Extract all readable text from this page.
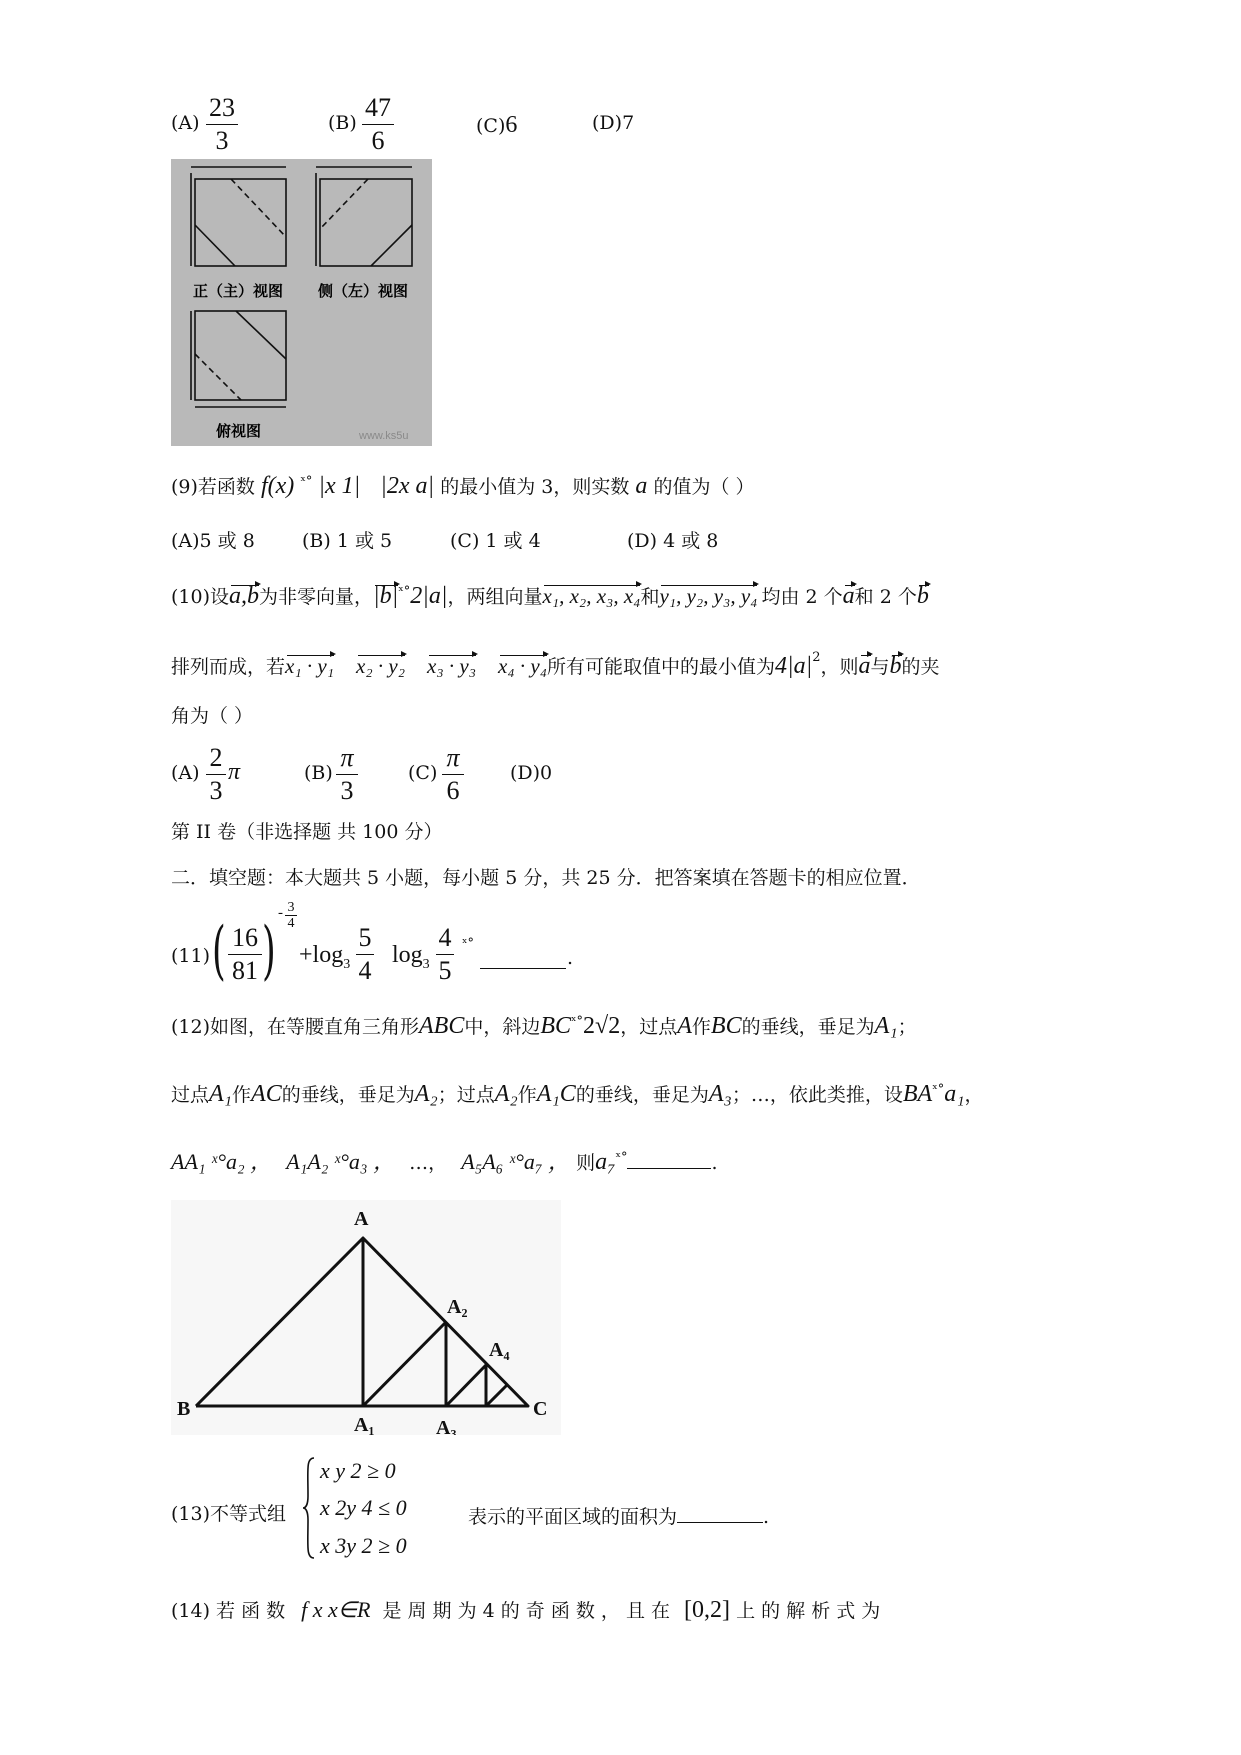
(A)
23
3
(B)
47
6	(C)6	(D)7
正（主）视图 侧（左）视图
俯视图	www.ks5u
(9)若函数 f(x) $^{ˣ^\circ}$ |x 1| |2x a| 的最小值为 3，则实数 a 的值为（ ）
(A)5 或 8 (B) 1 或 5	(C) 1 或 4	(D) 4 或 8
(10)设a,b为非零向量，$|b|^{ˣ^\circ}2|a|$，两组向量x₁, x₂, x₃, x₄和y₁, y₂, y₃, y₄ 均由 2 个a和 2 个b
排列而成，若x₁ · y₁ x₂ · y₂ x₃ · y₃ x₄ · y₄所有可能取值中的最小值为$4|a|^2$，则a与b的夹
角为（ ）
(A)
2
3
π	(B)
π
3
(C)
π
6
(D)0
第 II 卷（非选择题 共 100 分）
二．填空题：本大题共 5 小题，每小题 5 分，共 25 分．把答案填在答题卡的相应位置．
(11) ( 16
81 )
- 3
4
$+\log_3$
5
4
$\log_3$
4
5
ˣ°
.
(12)如图，在等腰直角三角形ABC中，斜边$BC^{ˣ^\circ}2√2$，过点A作BC的垂线，垂足为A₁；
过点A₁作AC的垂线，垂足为A₂；过点A₂作A₁C的垂线，垂足为A₃；…，依此类推，设$BA^{ˣ^\circ}a_1$，
AA₁ ˣ°a₂ ， A₁A₂ ˣ°a₃ ， …， A₅A₆ ˣ°a₇ ， 则a₇$^{ˣ^\circ}$	.
A
A₂
A₄
B
A₁	A₃
C
(13)不等式组
x y 2 ≥ 0
x 2y 4 ≤ 0
x 3y 2 ≥ 0
表示的平面区域的面积为	.
(14) 若 函 数 f x x∈R 是 周 期 为 4 的 奇 函 数 ， 且 在 [0,2] 上 的 解 析 式 为
